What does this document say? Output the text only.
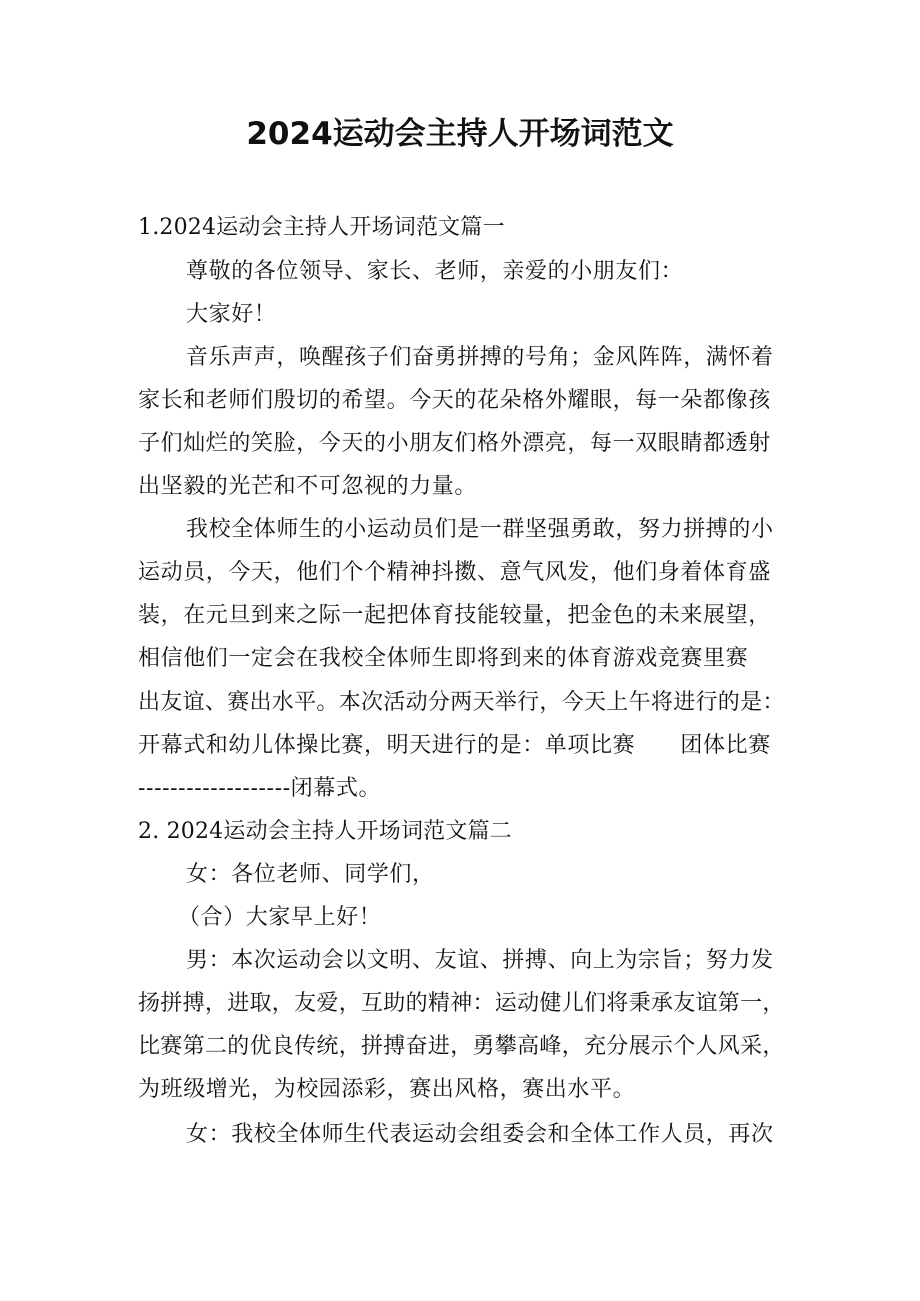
2024运动会主持人开场词范文
1.2024运动会主持人开场词范文篇一
尊敬的各位领导、家长、老师，亲爱的小朋友们：
大家好！
音乐声声，唤醒孩子们奋勇拼搏的号角；金风阵阵，满怀着
家长和老师们殷切的希望。今天的花朵格外耀眼，每一朵都像孩
子们灿烂的笑脸，今天的小朋友们格外漂亮，每一双眼睛都透射
出坚毅的光芒和不可忽视的力量。
我校全体师生的小运动员们是一群坚强勇敢，努力拼搏的小
运动员，今天，他们个个精神抖擞、意气风发，他们身着体育盛
装，在元旦到来之际一起把体育技能较量，把金色的未来展望，
相信他们一定会在我校全体师生即将到来的体育游戏竞赛里赛
出友谊、赛出水平。本次活动分两天举行，今天上午将进行的是：
开幕式和幼儿体操比赛，明天进行的是：单项比赛　　团体比赛
-------------------闭幕式。
2. 2024运动会主持人开场词范文篇二
女：各位老师、同学们，
（合）大家早上好！
男：本次运动会以文明、友谊、拼搏、向上为宗旨；努力发
扬拼搏，进取，友爱，互助的精神：运动健儿们将秉承友谊第一，
比赛第二的优良传统，拼搏奋进，勇攀高峰，充分展示个人风采，
为班级增光，为校园添彩，赛出风格，赛出水平。
女：我校全体师生代表运动会组委会和全体工作人员，再次
